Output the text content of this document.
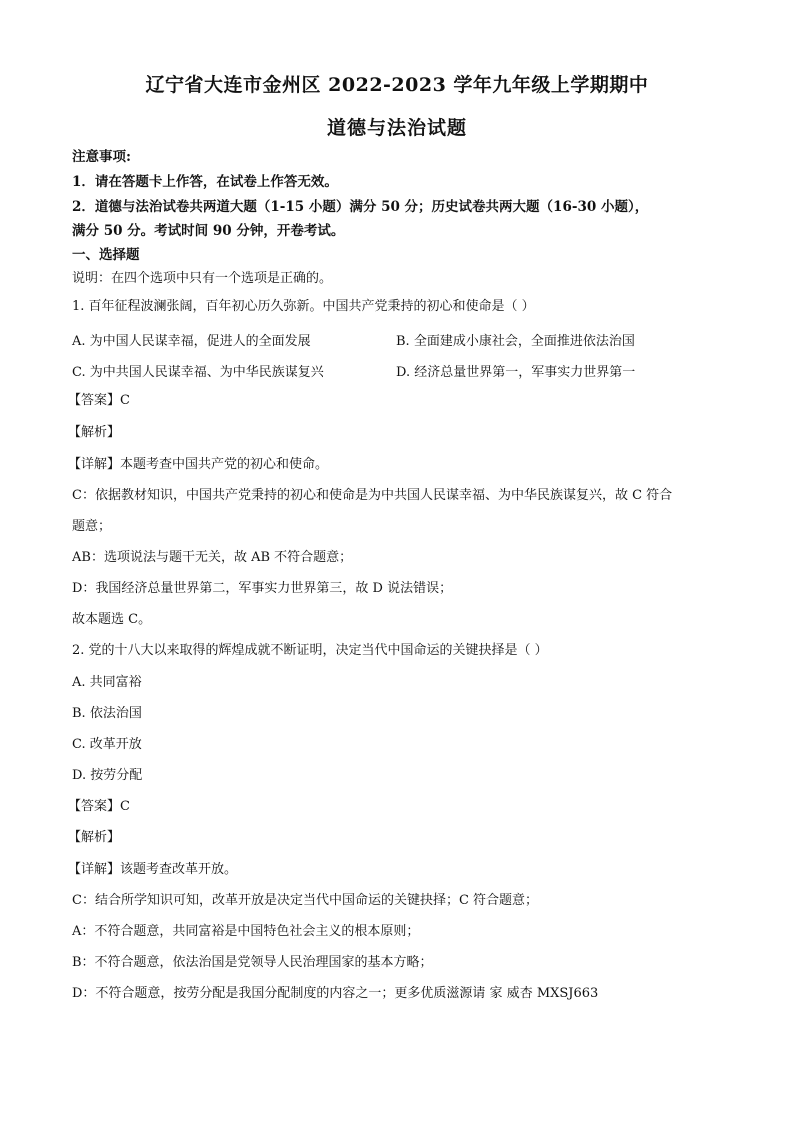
辽宁省大连市金州区 2022-2023 学年九年级上学期期中
道德与法治试题
注意事项:
1．请在答题卡上作答，在试卷上作答无效。
2．道德与法治试卷共两道大题（1-15 小题）满分 50 分；历史试卷共两大题（16-30 小题），
满分 50 分。考试时间 90 分钟，开卷考试。
一、选择题
说明：在四个选项中只有一个选项是正确的。
1. 百年征程波澜张阔，百年初心历久弥新。中国共产党秉持的初心和使命是（ ）
A. 为中国人民谋幸福，促进人的全面发展	B. 全面建成小康社会，全面推进依法治国
C. 为中共国人民谋幸福、为中华民族谋复兴	D. 经济总量世界第一，军事实力世界第一
【答案】C
【解析】
【详解】本题考查中国共产党的初心和使命。
C：依据教材知识，中国共产党秉持的初心和使命是为中共国人民谋幸福、为中华民族谋复兴，故 C 符合
题意；
AB：选项说法与题干无关，故 AB 不符合题意；
D：我国经济总量世界第二，军事实力世界第三，故 D 说法错误；
故本题选 C。
2. 党的十八大以来取得的辉煌成就不断证明，决定当代中国命运的关键抉择是（ ）
A. 共同富裕
B. 依法治国
C. 改革开放
D. 按劳分配
【答案】C
【解析】
【详解】该题考查改革开放。
C：结合所学知识可知，改革开放是决定当代中国命运的关键抉择；C 符合题意；
A：不符合题意，共同富裕是中国特色社会主义的根本原则；
B：不符合题意，依法治国是党领导人民治理国家的基本方略；
D：不符合题意，按劳分配是我国分配制度的内容之一；更多优质滋源请 家 威杏 MXSJ663
